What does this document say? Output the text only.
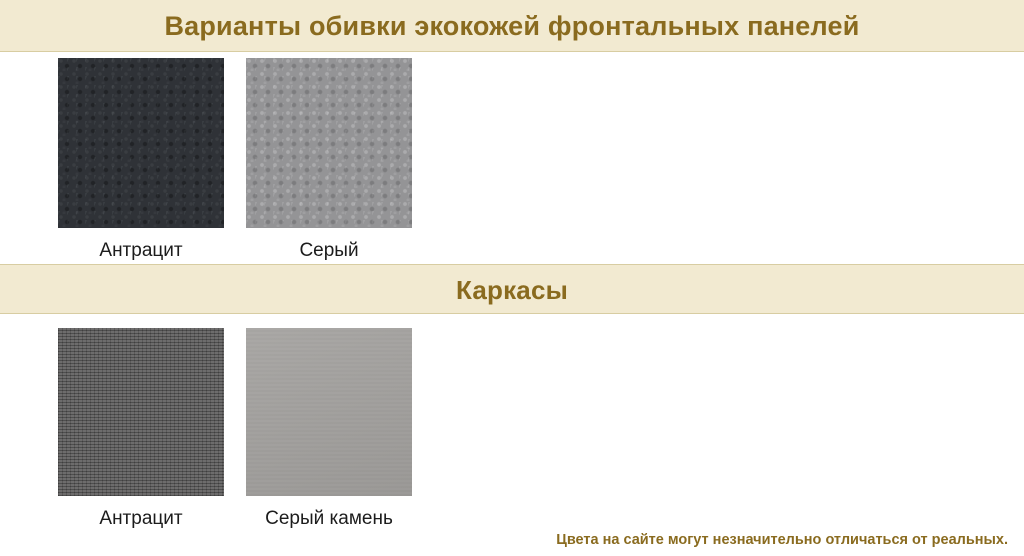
Варианты обивки экокожей фронтальных панелей
Антрацит	Серый
Каркасы
Антрацит	Серый камень
Цвета на сайте могут незначительно отличаться от реальных.
